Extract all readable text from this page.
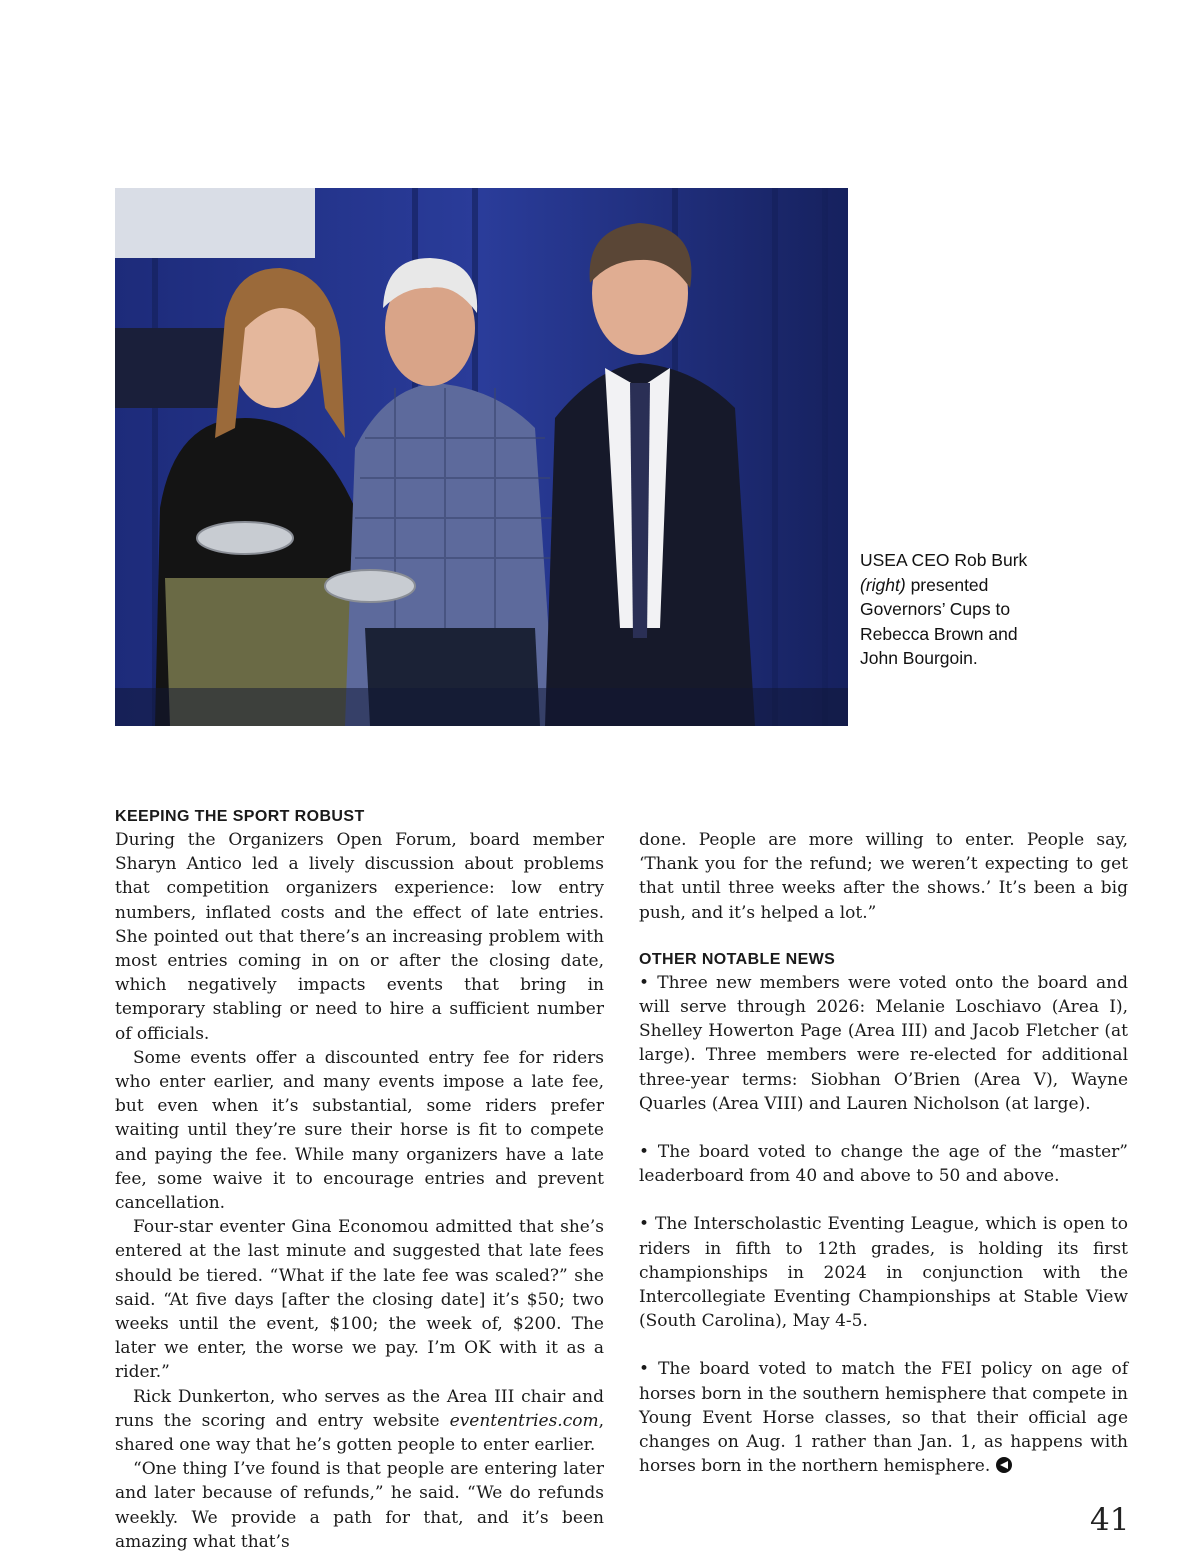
USEA CEO Rob Burk
(right) presented
Governors’ Cups to
Rebecca Brown and
John Bourgoin.
KEEPING THE SPORT ROBUST

During the Organizers Open Forum, board member Sharyn Antico led a lively discussion about problems that competition organizers experience: low entry numbers, inflated costs and the effect of late entries. She pointed out that there’s an increasing problem with most entries coming in on or after the closing date, which negatively impacts events that bring in temporary stabling or need to hire a sufficient number of officials.

Some events offer a discounted entry fee for riders who enter earlier, and many events impose a late fee, but even when it’s substantial, some riders prefer waiting until they’re sure their horse is fit to compete and paying the fee. While many organizers have a late fee, some waive it to encourage entries and prevent cancellation.

Four-star eventer Gina Economou admitted that she’s entered at the last minute and suggested that late fees should be tiered. “What if the late fee was scaled?” she said. “At five days [after the closing date] it’s $50; two weeks until the event, $100; the week of, $200. The later we enter, the worse we pay. I’m OK with it as a rider.”

Rick Dunkerton, who serves as the Area III chair and runs the scoring and entry website evententries.com, shared one way that he’s gotten people to enter earlier.

“One thing I’ve found is that people are entering later and later because of refunds,” he said. “We do refunds weekly. We provide a path for that, and it’s been amazing what that’s

done. People are more willing to enter. People say, ‘Thank you for the refund; we weren’t expecting to get that until three weeks after the shows.’ It’s been a big push, and it’s helped a lot.”

OTHER NOTABLE NEWS

• Three new members were voted onto the board and will serve through 2026: Melanie Loschiavo (Area I), Shelley Howerton Page (Area III) and Jacob Fletcher (at large). Three members were re-elected for additional three-year terms: Siobhan O’Brien (Area V), Wayne Quarles (Area VIII) and Lauren Nicholson (at large).

• The board voted to change the age of the “master” leaderboard from 40 and above to 50 and above.

• The Interscholastic Eventing League, which is open to riders in fifth to 12th grades, is holding its first championships in 2024 in conjunction with the Intercollegiate Eventing Championships at Stable View (South Carolina), May 4-5.

• The board voted to match the FEI policy on age of horses born in the southern hemisphere that compete in Young Event Horse classes, so that their official age changes on Aug. 1 rather than Jan. 1, as happens with horses born in the northern hemisphere.

41
